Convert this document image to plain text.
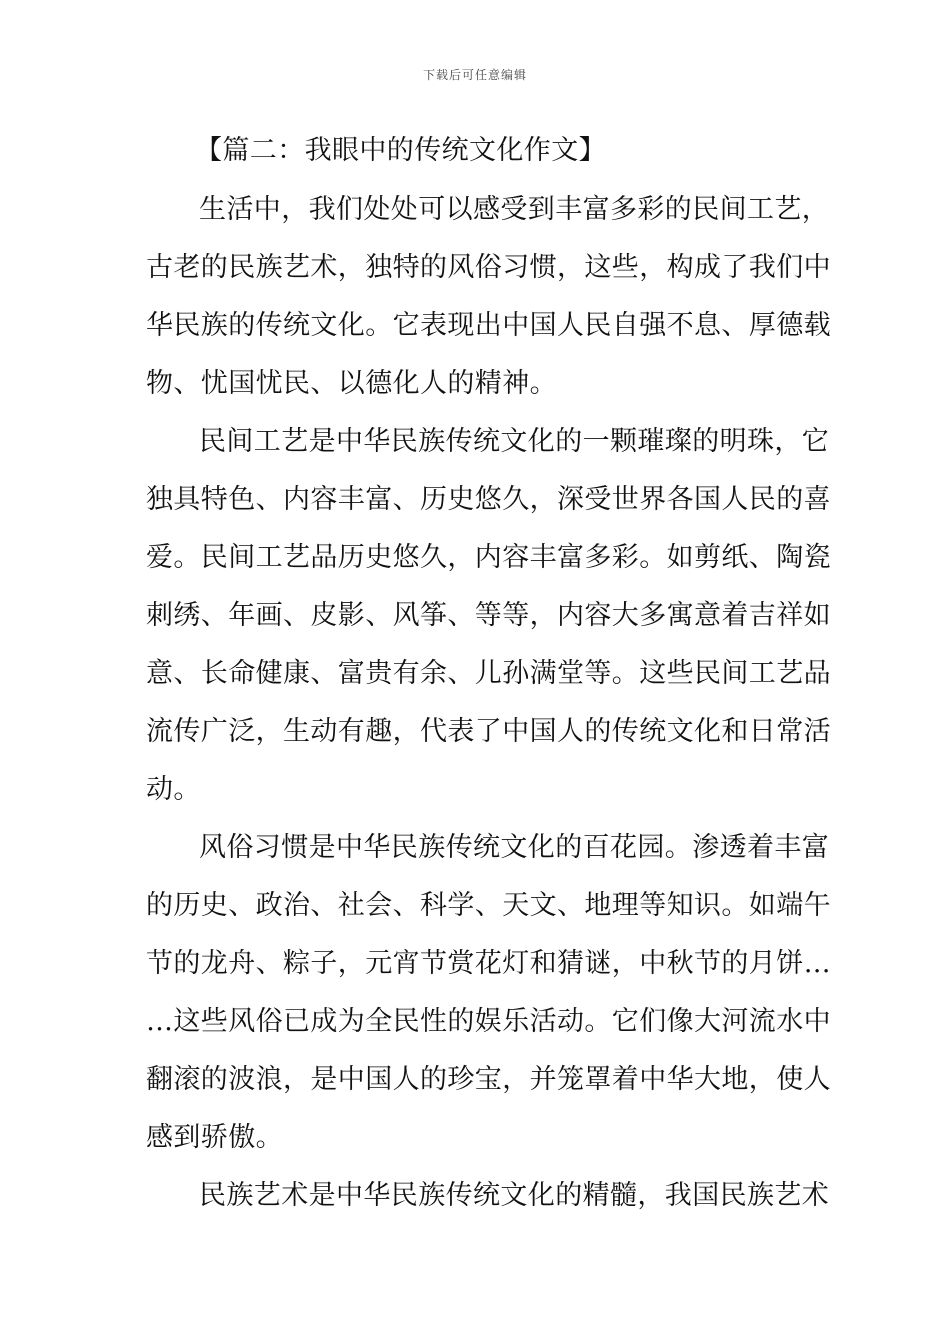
下载后可任意编辑
【篇二：我眼中的传统文化作文】
生活中，我们处处可以感受到丰富多彩的民间工艺，
古老的民族艺术，独特的风俗习惯，这些，构成了我们中
华民族的传统文化。它表现出中国人民自强不息、厚德载
物、忧国忧民、以德化人的精神。
民间工艺是中华民族传统文化的一颗璀璨的明珠，它
独具特色、内容丰富、历史悠久，深受世界各国人民的喜
爱。民间工艺品历史悠久，内容丰富多彩。如剪纸、陶瓷
刺绣、年画、皮影、风筝、等等，内容大多寓意着吉祥如
意、长命健康、富贵有余、儿孙满堂等。这些民间工艺品
流传广泛，生动有趣，代表了中国人的传统文化和日常活
动。
风俗习惯是中华民族传统文化的百花园。渗透着丰富
的历史、政治、社会、科学、天文、地理等知识。如端午
节的龙舟、粽子，元宵节赏花灯和猜谜，中秋节的月饼…
…这些风俗已成为全民性的娱乐活动。它们像大河流水中
翻滚的波浪，是中国人的珍宝，并笼罩着中华大地，使人
感到骄傲。
民族艺术是中华民族传统文化的精髓，我国民族艺术
